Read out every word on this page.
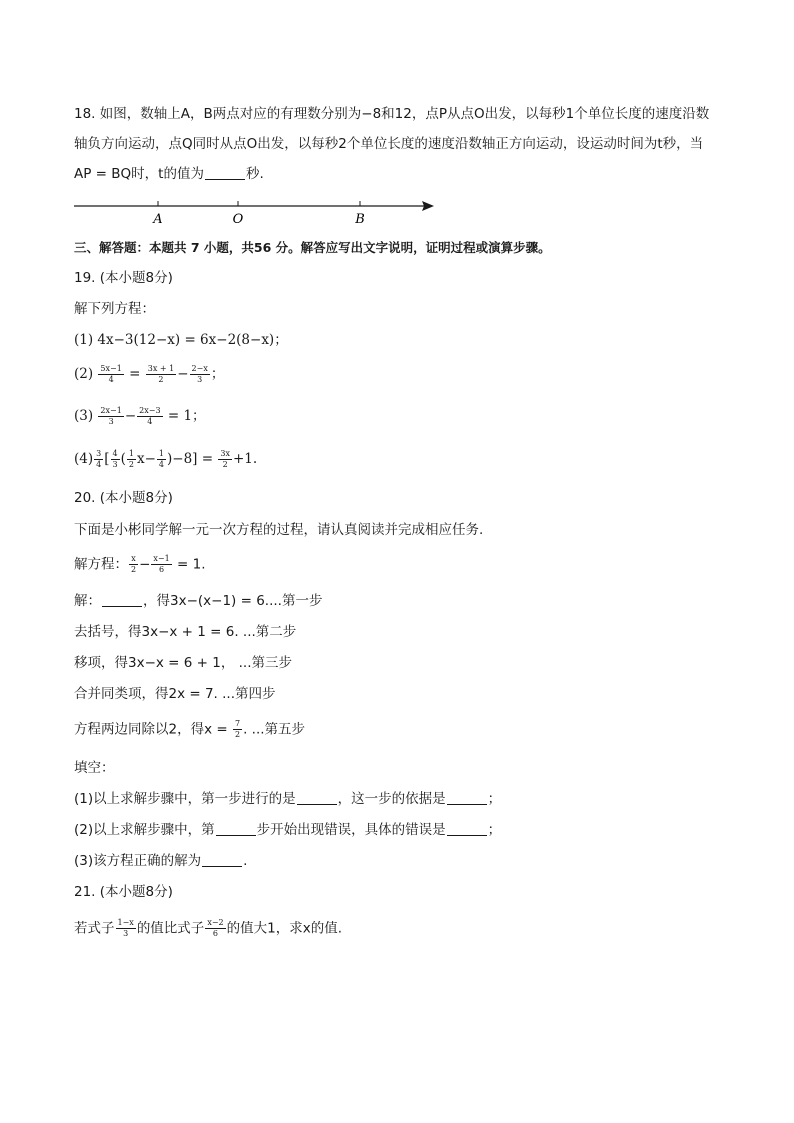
18. 如图，数轴上A，B两点对应的有理数分别为−8和12，点P从点O出发，以每秒1个单位长度的速度沿数
轴负方向运动，点Q同时从点O出发，以每秒2个单位长度的速度沿数轴正方向运动，设运动时间为t秒，当
AP = BQ时，t的值为	秒.
A	O	B
三、解答题：本题共 7 小题，共56 分。解答应写出文字说明，证明过程或演算步骤。
19. (本小题8分)
解下列方程：
(1) 4x−3(12−x) = 6x−2(8−x)；
$(2) \frac{5x-1}{4} = \frac{3x + 1}{2} - \frac{2-x}{3}$ ；
$(3) \frac{2x-1}{3} - \frac{2x-3}{4} = 1$；
$(4) \frac{3}{4}$ [ $\frac{4}{3}$ ( $\frac{1}{2} x- \frac{1}{4} )-8] = \frac{3x}{2} +1$.
20. (本小题8分)
下面是小彬同学解一元一次方程的过程，请认真阅读并完成相应任务.
解方程： $\frac{x}{2} - \frac{x-1}{6} = 1$.
解：	，得3x−(x−1) = 6....第一步
去括号，得3x−x + 1 = 6. ...第二步
移项，得3x−x = 6 + 1， ...第三步
合并同类项，得2x = 7. ...第四步
方程两边同除以2，得$x = \frac{7}{2}$ . ...第五步
填空：
(1)以上求解步骤中，第一步进行的是	，这一步的依据是	；
(2)以上求解步骤中，第	步开始出现错误，具体的错误是	；
(3)该方程正确的解为	.
21. (本小题8分)
若式子 $\frac{1-x}{3}$ 的值比式子 $\frac{x-2}{6}$ 的值大1，求x的值.
